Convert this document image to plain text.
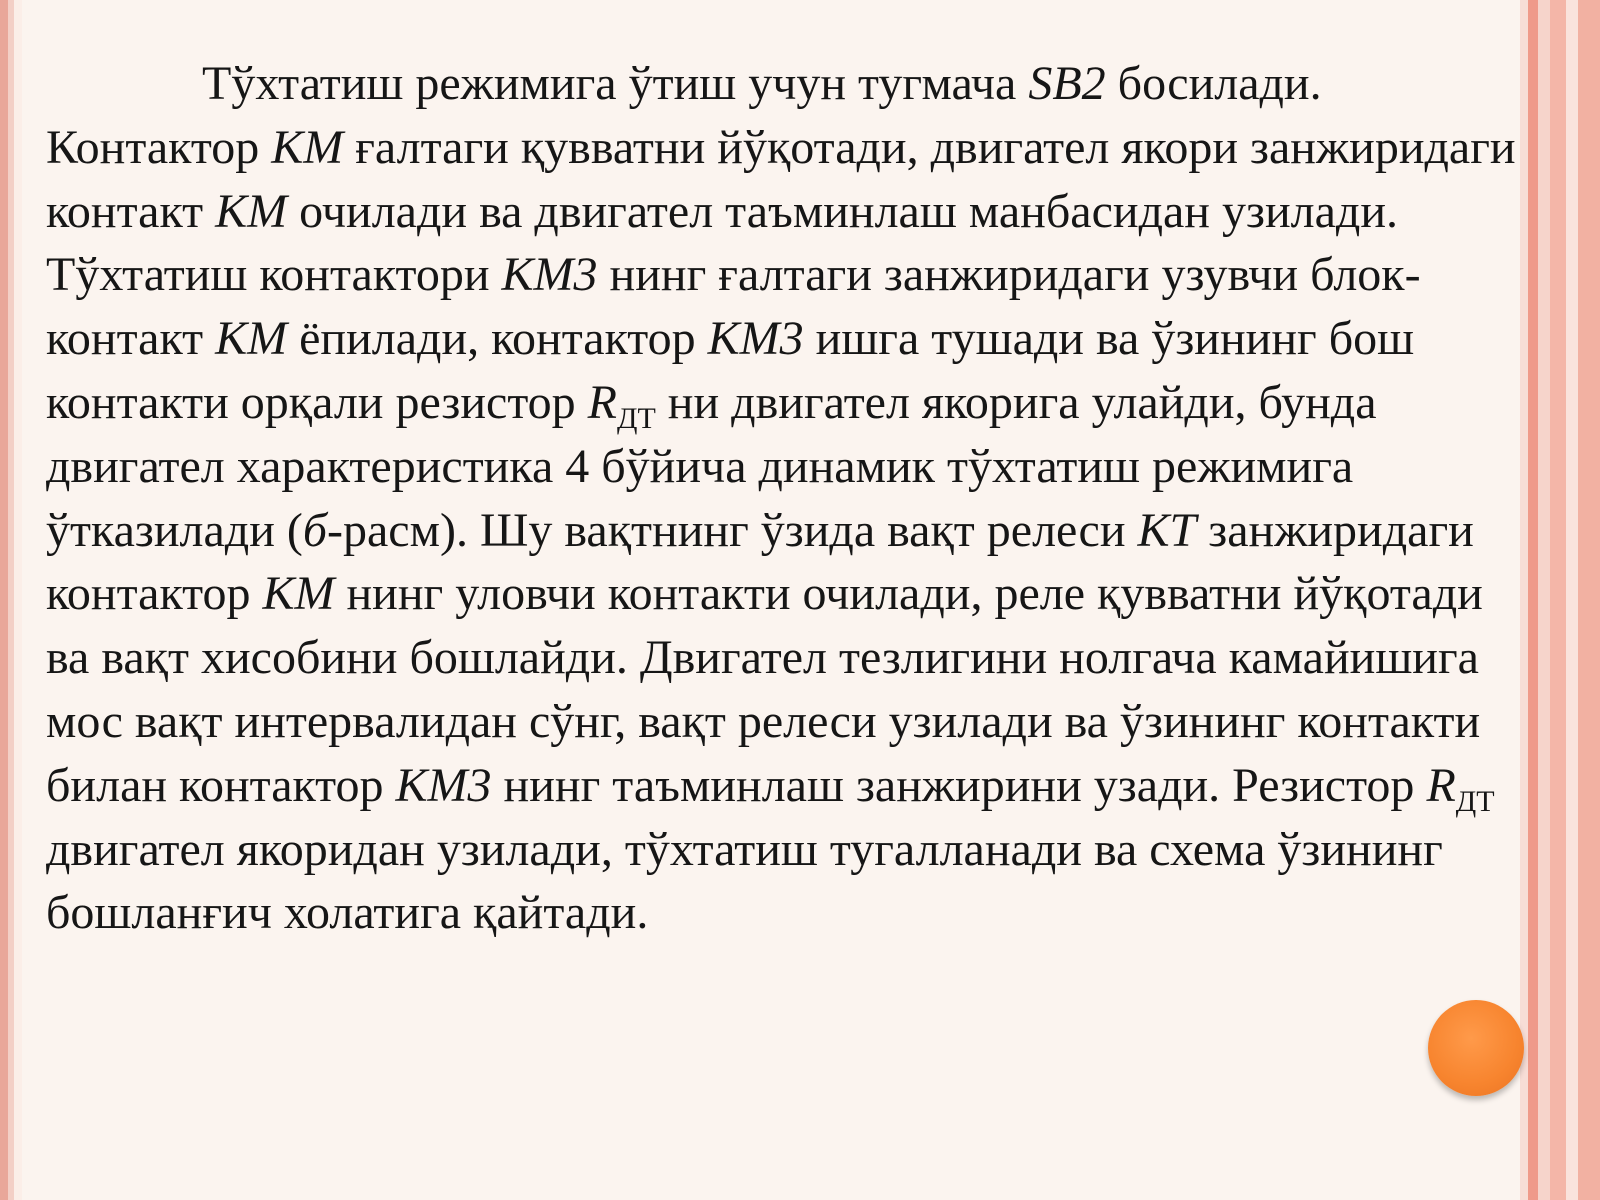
Тўхтатиш режимига ўтиш учун тугмача SB2 босилади. Контактор KM ғалтаги қувватни йўқотади, двигател якори занжиридаги контакт KM очилади ва двигател таъминлаш манбасидан узилади. Тўхтатиш контактори KM3 нинг ғалтаги занжиридаги узувчи блок-контакт KM ёпилади, контактор KM3 ишга тушади ва ўзининг бош контакти орқали резистор $R_{ДТ}$ ни двигател якорига улайди, бунда двигател характеристика 4 бўйича динамик тўхтатиш режимига ўтказилади (б-расм). Шу вақтнинг ўзида вақт релеси KT занжиридаги контактор KM нинг уловчи контакти очилади, реле қувватни йўқотади ва вақт хисобини бошлайди. Двигател тезлигини нолгача камайишига мос вақт интервалидан сўнг, вақт релеси узилади ва ўзининг контакти билан контактор KM3 нинг таъминлаш занжирини узади. Резистор $R_{ДТ}$ двигател якоридан узилади, тўхтатиш тугалланади ва схема ўзининг бошланғич холатига қайтади.
